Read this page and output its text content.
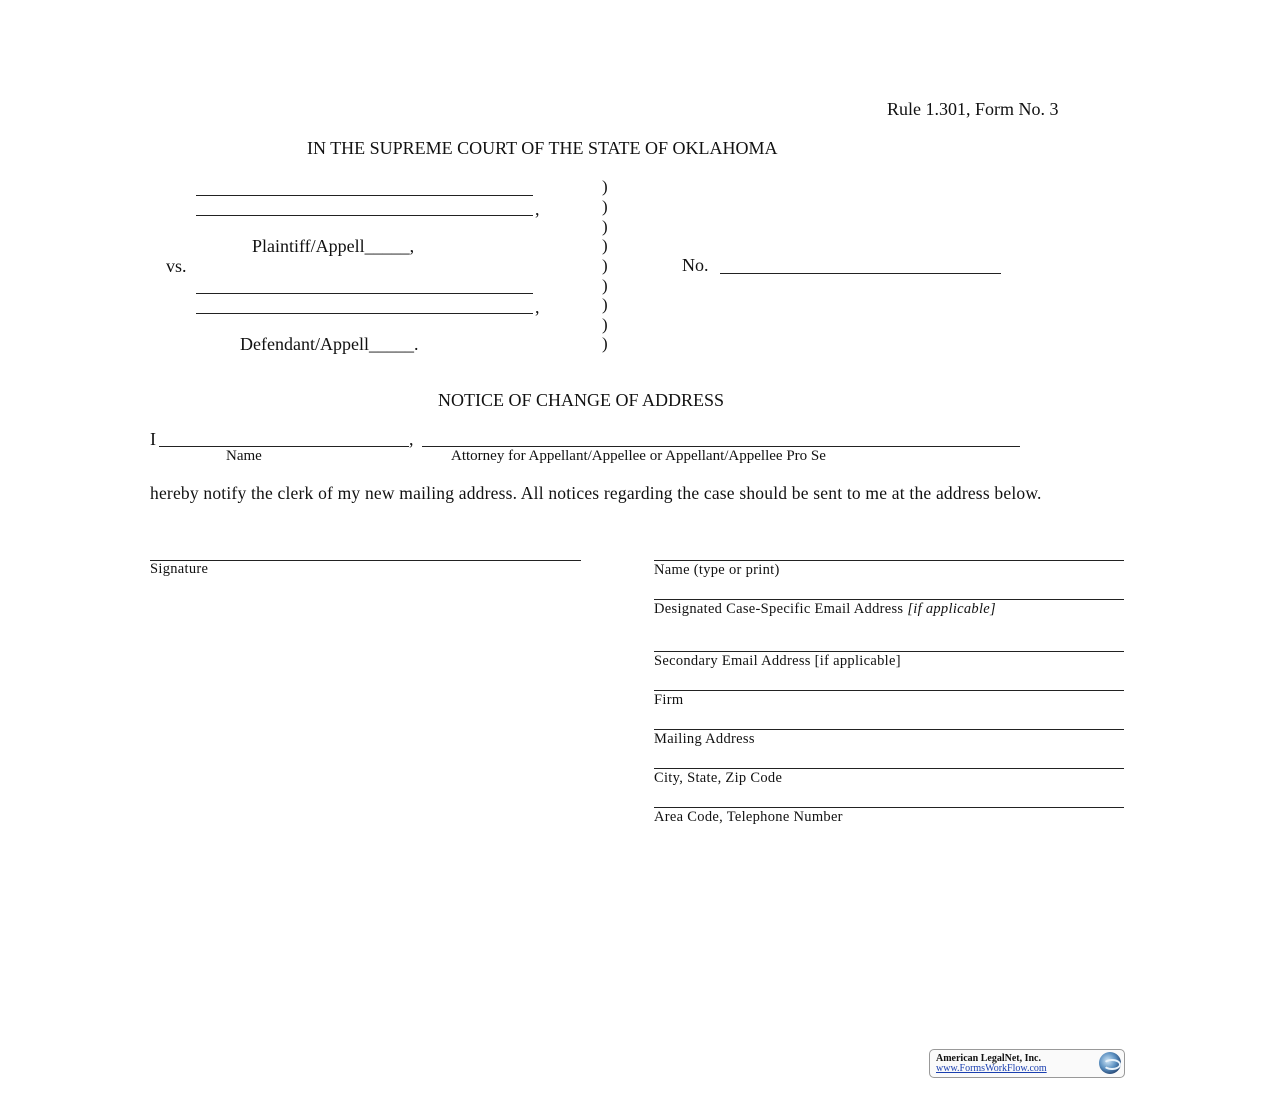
Rule 1.301, Form No. 3
IN THE SUPREME COURT OF THE STATE OF OKLAHOMA
,
Plaintiff/Appell_____,
vs.
,
Defendant/Appell_____.
)
)
)
)
)
)
)
)
)
No.
NOTICE OF CHANGE OF ADDRESS
I	,
Name	Attorney for Appellant/Appellee or Appellant/Appellee Pro Se
hereby notify the clerk of my new mailing address. All notices regarding the case should be sent to me at the address below.
Signature	Name (type or print)
Designated Case-Specific Email Address [if applicable]
Secondary Email Address [if applicable]
Firm
Mailing Address
City, State, Zip Code
Area Code, Telephone Number
American LegalNet, Inc.
www.FormsWorkFlow.com
